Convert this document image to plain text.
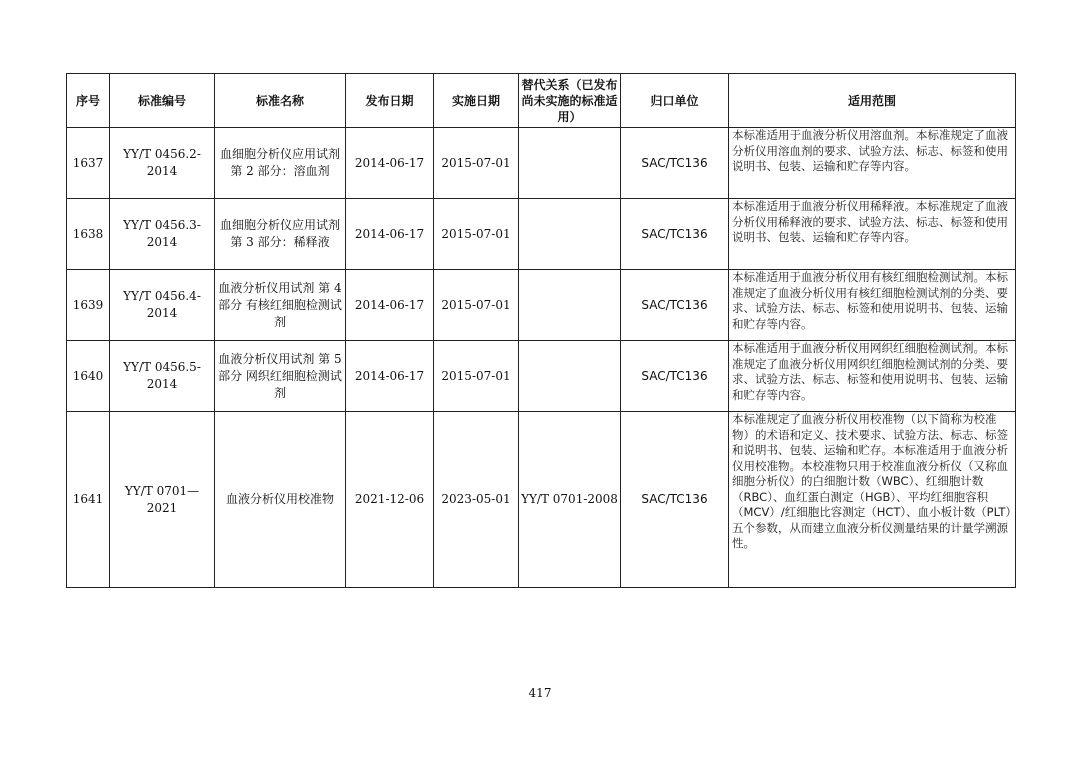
序号	标准编号	标准名称	发布日期	实施日期	替代关系（已发布尚未实施的标准适用）	归口单位	适用范围
1637	YY/T 0456.2-2014	血细胞分析仪应用试剂 第 2 部分：溶血剂	2014-06-17	2015-07-01		SAC/TC136	本标准适用于血液分析仪用溶血剂。本标准规定了血液分析仪用溶血剂的要求、试验方法、标志、标签和使用说明书、包装、运输和贮存等内容。
1638	YY/T 0456.3-2014	血细胞分析仪应用试剂 第 3 部分：稀释液	2014-06-17	2015-07-01		SAC/TC136	本标准适用于血液分析仪用稀释液。本标准规定了血液分析仪用稀释液的要求、试验方法、标志、标签和使用说明书、包装、运输和贮存等内容。
1639	YY/T 0456.4-2014	血液分析仪用试剂 第 4 部分 有核红细胞检测试剂	2014-06-17	2015-07-01		SAC/TC136	本标准适用于血液分析仪用有核红细胞检测试剂。本标准规定了血液分析仪用有核红细胞检测试剂的分类、要求、试验方法、标志、标签和使用说明书、包装、运输和贮存等内容。
1640	YY/T 0456.5-2014	血液分析仪用试剂 第 5 部分 网织红细胞检测试剂	2014-06-17	2015-07-01		SAC/TC136	本标准适用于血液分析仪用网织红细胞检测试剂。本标准规定了血液分析仪用网织红细胞检测试剂的分类、要求、试验方法、标志、标签和使用说明书、包装、运输和贮存等内容。
1641	YY/T 0701—2021	血液分析仪用校准物	2021-12-06	2023-05-01	YY/T 0701-2008	SAC/TC136	本标准规定了血液分析仪用校准物（以下简称为校准物）的术语和定义、技术要求、试验方法、标志、标签和说明书、包装、运输和贮存。本标准适用于血液分析仪用校准物。本校准物只用于校准血液分析仪（又称血细胞分析仪）的白细胞计数（WBC）、红细胞计数（RBC）、血红蛋白测定（HGB）、平均红细胞容积（MCV）/红细胞比容测定（HCT）、血小板计数（PLT）五个参数，从而建立血液分析仪测量结果的计量学溯源性。
417
